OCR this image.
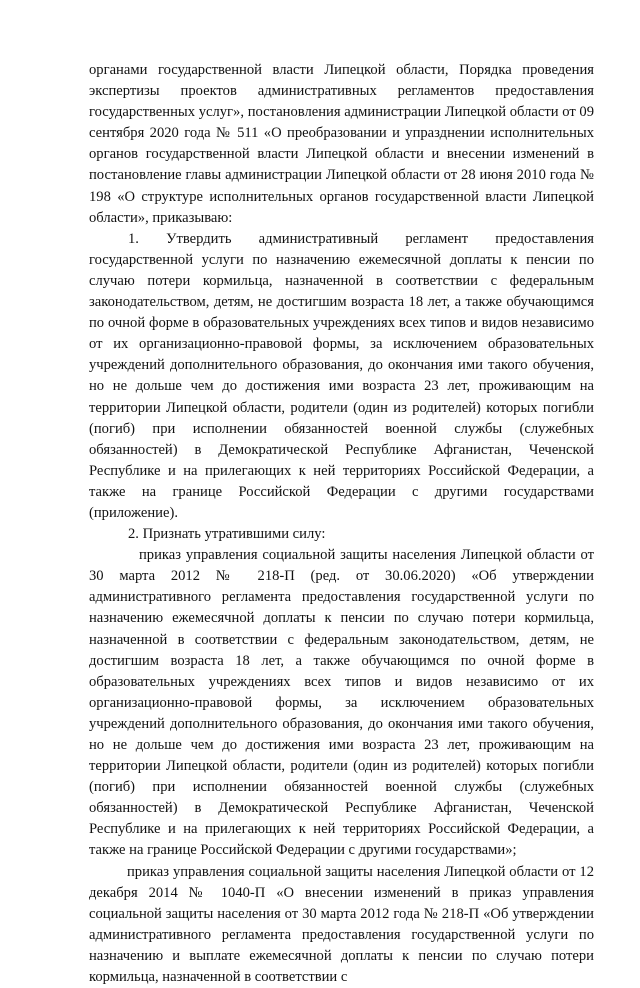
органами государственной власти Липецкой области, Порядка проведения экспертизы проектов административных регламентов предоставления государственных услуг», постановления администрации Липецкой области от 09 сентября 2020 года № 511 «О преобразовании и упразднении исполнительных органов государственной власти Липецкой области и внесении изменений в постановление главы администрации Липецкой области от 28 июня 2010 года № 198 «О структуре исполнительных органов государственной власти Липецкой области», приказываю:

1. Утвердить административный регламент предоставления государственной услуги по назначению ежемесячной доплаты к пенсии по случаю потери кормильца, назначенной в соответствии с федеральным законодательством, детям, не достигшим возраста 18 лет, а также обучающимся по очной форме в образовательных учреждениях всех типов и видов независимо от их организационно-правовой формы, за исключением образовательных учреждений дополнительного образования, до окончания ими такого обучения, но не дольше чем до достижения ими возраста 23 лет, проживающим на территории Липецкой области, родители (один из родителей) которых погибли (погиб) при исполнении обязанностей военной службы (служебных обязанностей) в Демократической Республике Афганистан, Чеченской Республике и на прилегающих к ней территориях Российской Федерации, а также на границе Российской Федерации с другими государствами (приложение).

2. Признать утратившими силу:

приказ управления социальной защиты населения Липецкой области от 30 марта 2012 № 218-П (ред. от 30.06.2020) «Об утверждении административного регламента предоставления государственной услуги по назначению ежемесячной доплаты к пенсии по случаю потери кормильца, назначенной в соответствии с федеральным законодательством, детям, не достигшим возраста 18 лет, а также обучающимся по очной форме в образовательных учреждениях всех типов и видов независимо от их организационно-правовой формы, за исключением образовательных учреждений дополнительного образования, до окончания ими такого обучения, но не дольше чем до достижения ими возраста 23 лет, проживающим на территории Липецкой области, родители (один из родителей) которых погибли (погиб) при исполнении обязанностей военной службы (служебных обязанностей) в Демократической Республике Афганистан, Чеченской Республике и на прилегающих к ней территориях Российской Федерации, а также на границе Российской Федерации с другими государствами»;

приказ управления социальной защиты населения Липецкой области от 12 декабря 2014 № 1040-П «О внесении изменений в приказ управления социальной защиты населения от 30 марта 2012 года № 218-П «Об утверждении административного регламента предоставления государственной услуги по назначению и выплате ежемесячной доплаты к пенсии по случаю потери кормильца, назначенной в соответствии с
